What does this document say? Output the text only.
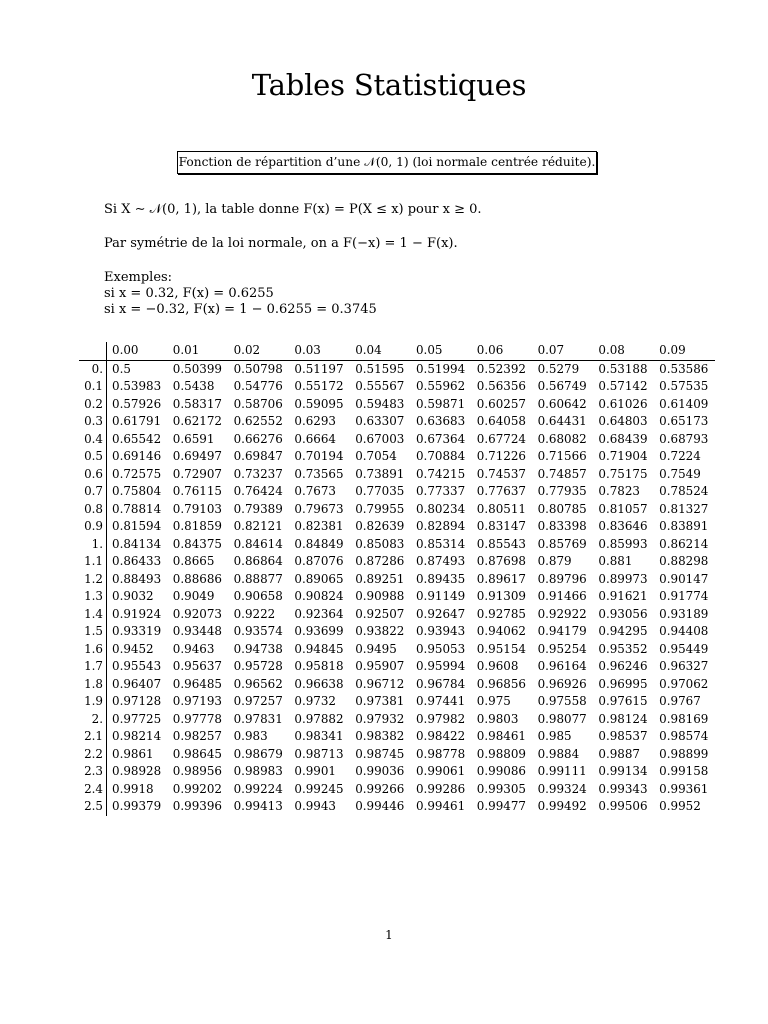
Tables Statistiques
Fonction de répartition d’une 𝒩(0, 1) (loi normale centrée réduite).
Si X ∼ 𝒩(0, 1), la table donne F(x) = P(X ≤ x) pour x ≥ 0.
Par symétrie de la loi normale, on a F(−x) = 1 − F(x).
Exemples:
si x = 0.32, F(x) = 0.6255
si x = −0.32, F(x) = 1 − 0.6255 = 0.3745
	0.00	0.01	0.02	0.03	0.04	0.05	0.06	0.07	0.08	0.09
0.	0.5	0.50399	0.50798	0.51197	0.51595	0.51994	0.52392	0.5279	0.53188	0.53586
0.1	0.53983	0.5438	0.54776	0.55172	0.55567	0.55962	0.56356	0.56749	0.57142	0.57535
0.2	0.57926	0.58317	0.58706	0.59095	0.59483	0.59871	0.60257	0.60642	0.61026	0.61409
0.3	0.61791	0.62172	0.62552	0.6293	0.63307	0.63683	0.64058	0.64431	0.64803	0.65173
0.4	0.65542	0.6591	0.66276	0.6664	0.67003	0.67364	0.67724	0.68082	0.68439	0.68793
0.5	0.69146	0.69497	0.69847	0.70194	0.7054	0.70884	0.71226	0.71566	0.71904	0.7224
0.6	0.72575	0.72907	0.73237	0.73565	0.73891	0.74215	0.74537	0.74857	0.75175	0.7549
0.7	0.75804	0.76115	0.76424	0.7673	0.77035	0.77337	0.77637	0.77935	0.7823	0.78524
0.8	0.78814	0.79103	0.79389	0.79673	0.79955	0.80234	0.80511	0.80785	0.81057	0.81327
0.9	0.81594	0.81859	0.82121	0.82381	0.82639	0.82894	0.83147	0.83398	0.83646	0.83891
1.	0.84134	0.84375	0.84614	0.84849	0.85083	0.85314	0.85543	0.85769	0.85993	0.86214
1.1	0.86433	0.8665	0.86864	0.87076	0.87286	0.87493	0.87698	0.879	0.881	0.88298
1.2	0.88493	0.88686	0.88877	0.89065	0.89251	0.89435	0.89617	0.89796	0.89973	0.90147
1.3	0.9032	0.9049	0.90658	0.90824	0.90988	0.91149	0.91309	0.91466	0.91621	0.91774
1.4	0.91924	0.92073	0.9222	0.92364	0.92507	0.92647	0.92785	0.92922	0.93056	0.93189
1.5	0.93319	0.93448	0.93574	0.93699	0.93822	0.93943	0.94062	0.94179	0.94295	0.94408
1.6	0.9452	0.9463	0.94738	0.94845	0.9495	0.95053	0.95154	0.95254	0.95352	0.95449
1.7	0.95543	0.95637	0.95728	0.95818	0.95907	0.95994	0.9608	0.96164	0.96246	0.96327
1.8	0.96407	0.96485	0.96562	0.96638	0.96712	0.96784	0.96856	0.96926	0.96995	0.97062
1.9	0.97128	0.97193	0.97257	0.9732	0.97381	0.97441	0.975	0.97558	0.97615	0.9767
2.	0.97725	0.97778	0.97831	0.97882	0.97932	0.97982	0.9803	0.98077	0.98124	0.98169
2.1	0.98214	0.98257	0.983	0.98341	0.98382	0.98422	0.98461	0.985	0.98537	0.98574
2.2	0.9861	0.98645	0.98679	0.98713	0.98745	0.98778	0.98809	0.9884	0.9887	0.98899
2.3	0.98928	0.98956	0.98983	0.9901	0.99036	0.99061	0.99086	0.99111	0.99134	0.99158
2.4	0.9918	0.99202	0.99224	0.99245	0.99266	0.99286	0.99305	0.99324	0.99343	0.99361
2.5	0.99379	0.99396	0.99413	0.9943	0.99446	0.99461	0.99477	0.99492	0.99506	0.9952
1
